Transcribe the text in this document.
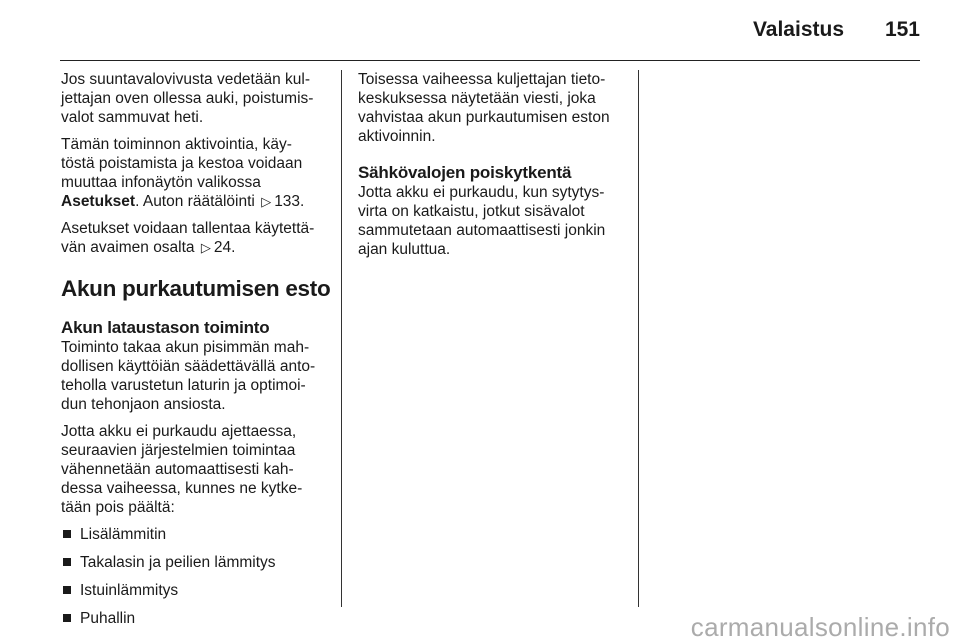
Valaistus 151

Jos suuntavalovivusta vedetään kul-
jettajan oven ollessa auki, poistumis-
valot sammuvat heti.

Tämän toiminnon aktivointia, käy-
töstä poistamista ja kestoa voidaan
muuttaa infonäytön valikossa
Asetukset. Auton räätälöinti ▷ 133.

Asetukset voidaan tallentaa käytettä-
vän avaimen osalta ▷ 24.

Akun purkautumisen esto
Akun lataustason toiminto

Toiminto takaa akun pisimmän mah-
dollisen käyttöiän säädettävällä anto-
teholla varustetun laturin ja optimoi-
dun tehonjaon ansiosta.

Jotta akku ei purkaudu ajettaessa,
seuraavien järjestelmien toimintaa
vähennetään automaattisesti kah-
dessa vaiheessa, kunnes ne kytke-
tään pois päältä:

Lisälämmitin
Takalasin ja peilien lämmitys
Istuinlämmitys
Puhallin

Toisessa vaiheessa kuljettajan tieto-
keskuksessa näytetään viesti, joka
vahvistaa akun purkautumisen eston
aktivoinnin.

Sähkövalojen poiskytkentä

Jotta akku ei purkaudu, kun sytytys-
virta on katkaistu, jotkut sisävalot
sammutetaan automaattisesti jonkin
ajan kuluttua.

carmanualsonline.info
